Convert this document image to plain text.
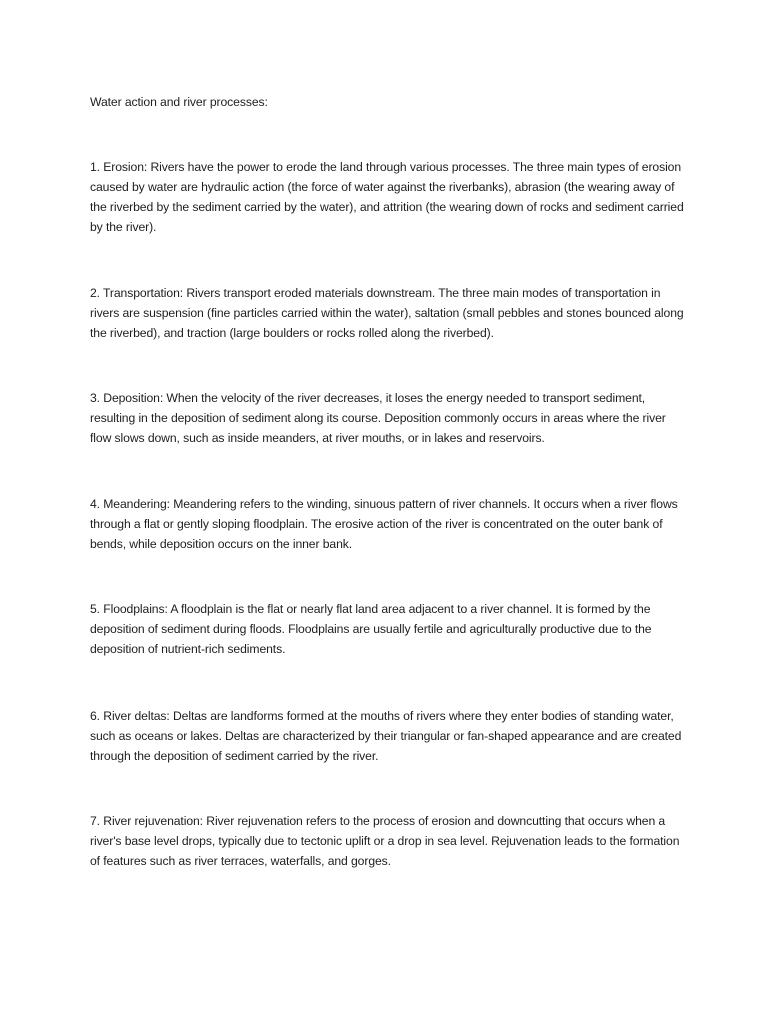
Water action and river processes:

1. Erosion: Rivers have the power to erode the land through various processes. The three main types of erosion caused by water are hydraulic action (the force of water against the riverbanks), abrasion (the wearing away of the riverbed by the sediment carried by the water), and attrition (the wearing down of rocks and sediment carried by the river).

2. Transportation: Rivers transport eroded materials downstream. The three main modes of transportation in rivers are suspension (fine particles carried within the water), saltation (small pebbles and stones bounced along the riverbed), and traction (large boulders or rocks rolled along the riverbed).

3. Deposition: When the velocity of the river decreases, it loses the energy needed to transport sediment, resulting in the deposition of sediment along its course. Deposition commonly occurs in areas where the river flow slows down, such as inside meanders, at river mouths, or in lakes and reservoirs.

4. Meandering: Meandering refers to the winding, sinuous pattern of river channels. It occurs when a river flows through a flat or gently sloping floodplain. The erosive action of the river is concentrated on the outer bank of bends, while deposition occurs on the inner bank.

5. Floodplains: A floodplain is the flat or nearly flat land area adjacent to a river channel. It is formed by the deposition of sediment during floods. Floodplains are usually fertile and agriculturally productive due to the deposition of nutrient-rich sediments.

6. River deltas: Deltas are landforms formed at the mouths of rivers where they enter bodies of standing water, such as oceans or lakes. Deltas are characterized by their triangular or fan-shaped appearance and are created through the deposition of sediment carried by the river.

7. River rejuvenation: River rejuvenation refers to the process of erosion and downcutting that occurs when a river's base level drops, typically due to tectonic uplift or a drop in sea level. Rejuvenation leads to the formation of features such as river terraces, waterfalls, and gorges.
